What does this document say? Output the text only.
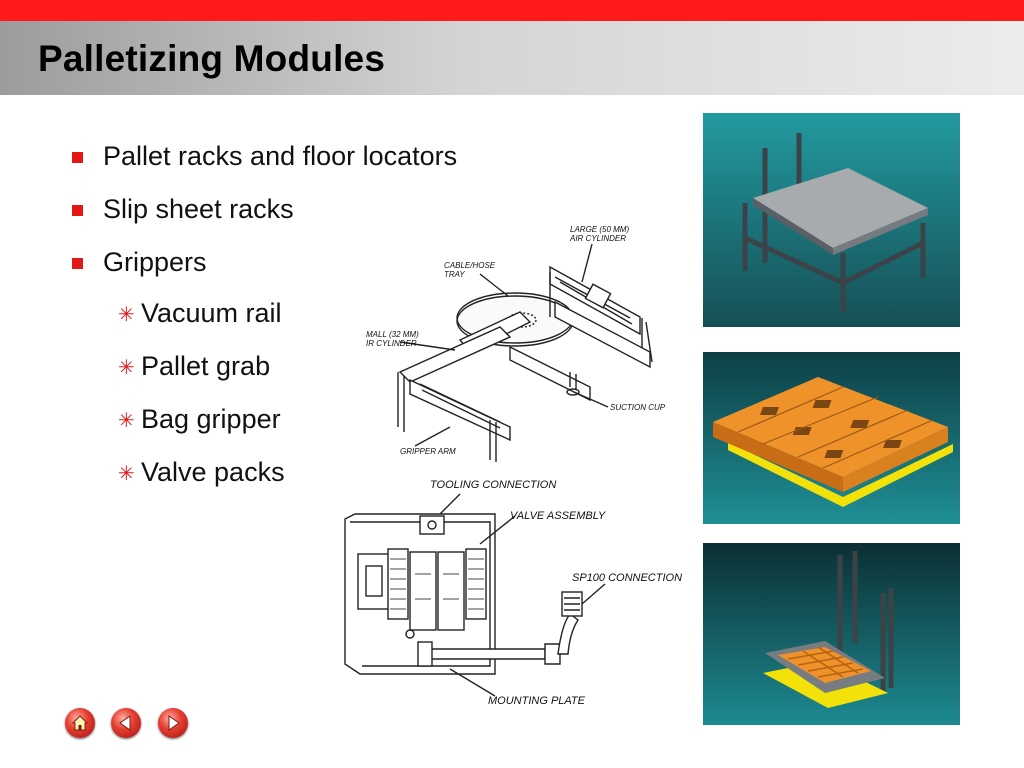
Palletizing Modules
Pallet racks and floor locators
Slip sheet racks
Grippers
✳ Vacuum rail
✳ Pallet grab
✳ Bag gripper
✳ Valve packs
CABLE/HOSE
TRAY
LARGE (50 MM)
AIR CYLINDER
MALL (32 MM)
IR CYLINDER
SUCTION CUP
GRIPPER ARM
TOOLING CONNECTION
VALVE ASSEMBLY
SP100 CONNECTION
MOUNTING PLATE
